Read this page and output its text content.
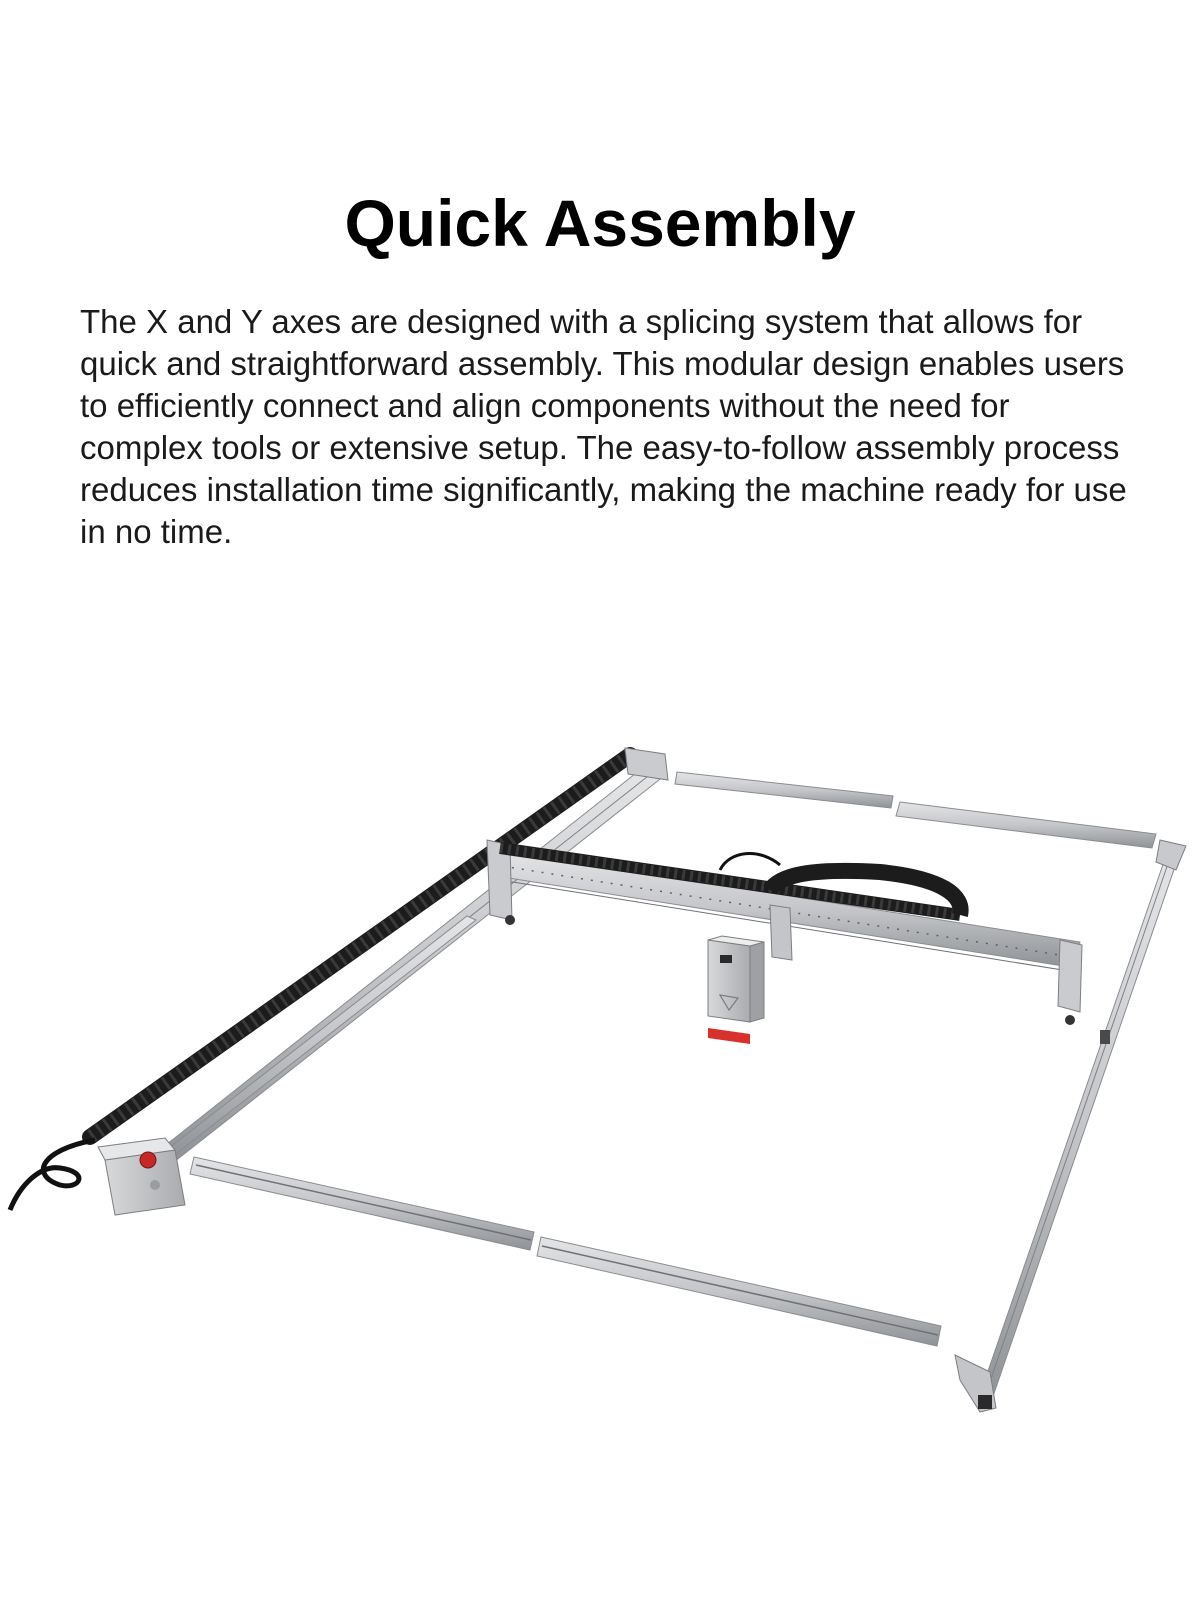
Quick Assembly

The X and Y axes are designed with a splicing system that allows for quick and straightforward assembly. This modular design enables users to efficiently connect and align components without the need for complex tools or extensive setup. The easy-to-follow assembly process reduces installation time significantly, making the machine ready for use in no time.
